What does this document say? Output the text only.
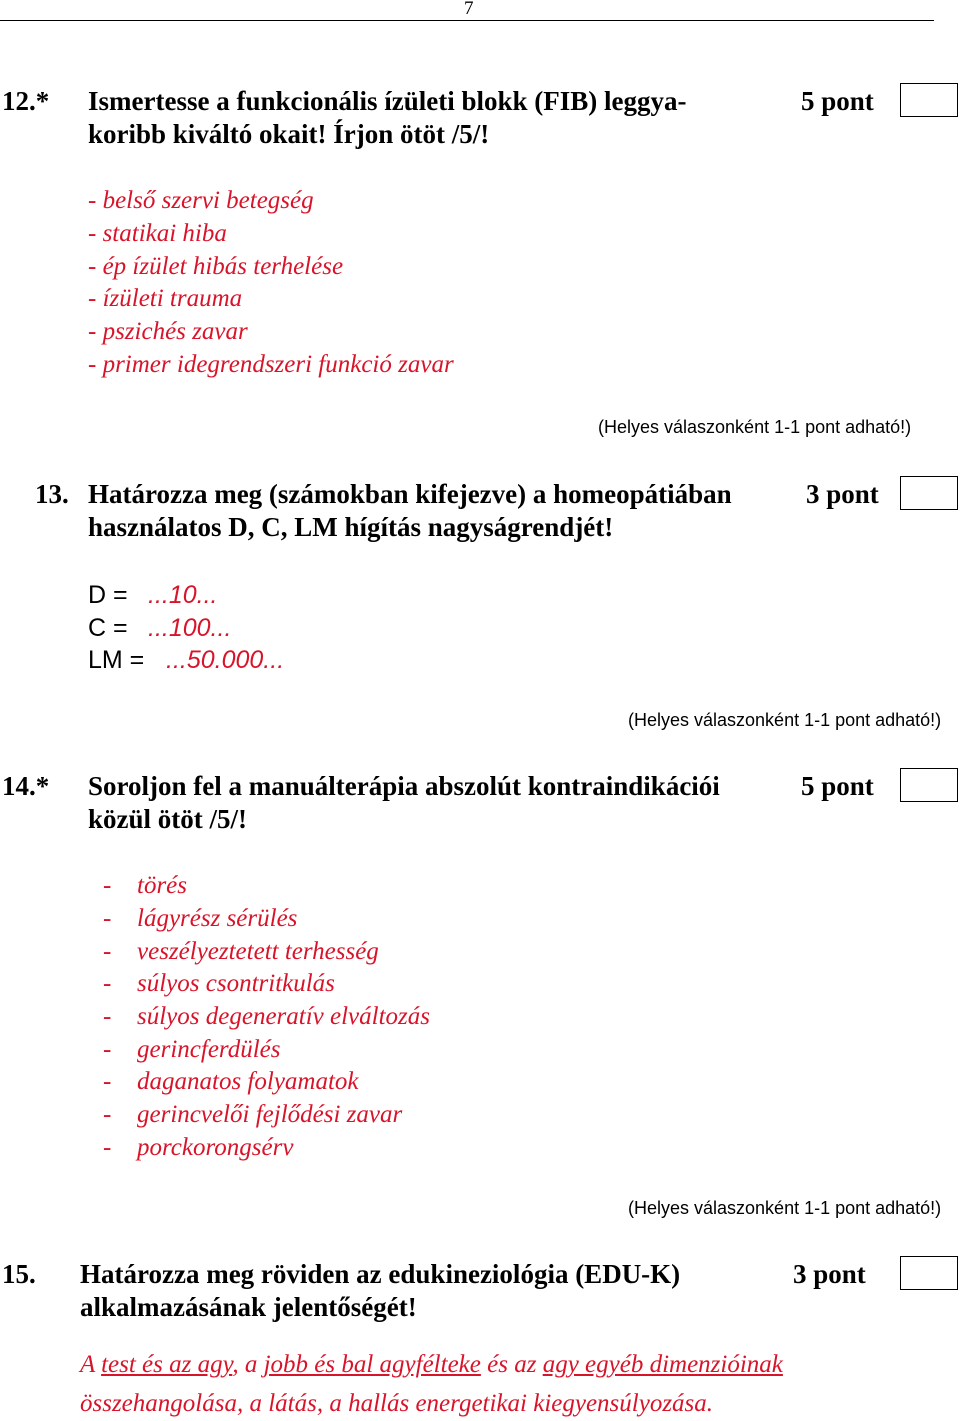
7
12.* Ismertesse a funkcionális ízületi blokk (FIB) leggya-
koribb kiváltó okait! Írjon ötöt /5/!
5 pont
- belső szervi betegség
- statikai hiba
- ép ízület hibás terhelése
- ízületi trauma
- pszichés zavar
- primer idegrendszeri funkció zavar
(Helyes válaszonként 1-1 pont adható!)
13. Határozza meg (számokban kifejezve) a homeopátiában
használatos D, C, LM hígítás nagyságrendjét!
3 pont
D = ...10...
C = ...100...
LM = ...50.000...
(Helyes válaszonként 1-1 pont adható!)
14.* Soroljon fel a manuálterápia abszolút kontraindikációi
közül ötöt /5/!
5 pont
- törés
- lágyrész sérülés
- veszélyeztetett terhesség
- súlyos csontritkulás
- súlyos degeneratív elváltozás
- gerincferdülés
- daganatos folyamatok
- gerincvelői fejlődési zavar
- porckorongsérv
(Helyes válaszonként 1-1 pont adható!)
15. Határozza meg röviden az edukineziológia (EDU-K)
alkalmazásának jelentőségét!
3 pont
A test és az agy, a jobb és bal agyféltеke és az agy egyéb dimenzióinak
összehangolása, a látás, a hallás energetikai kiegyensúlyozása.
